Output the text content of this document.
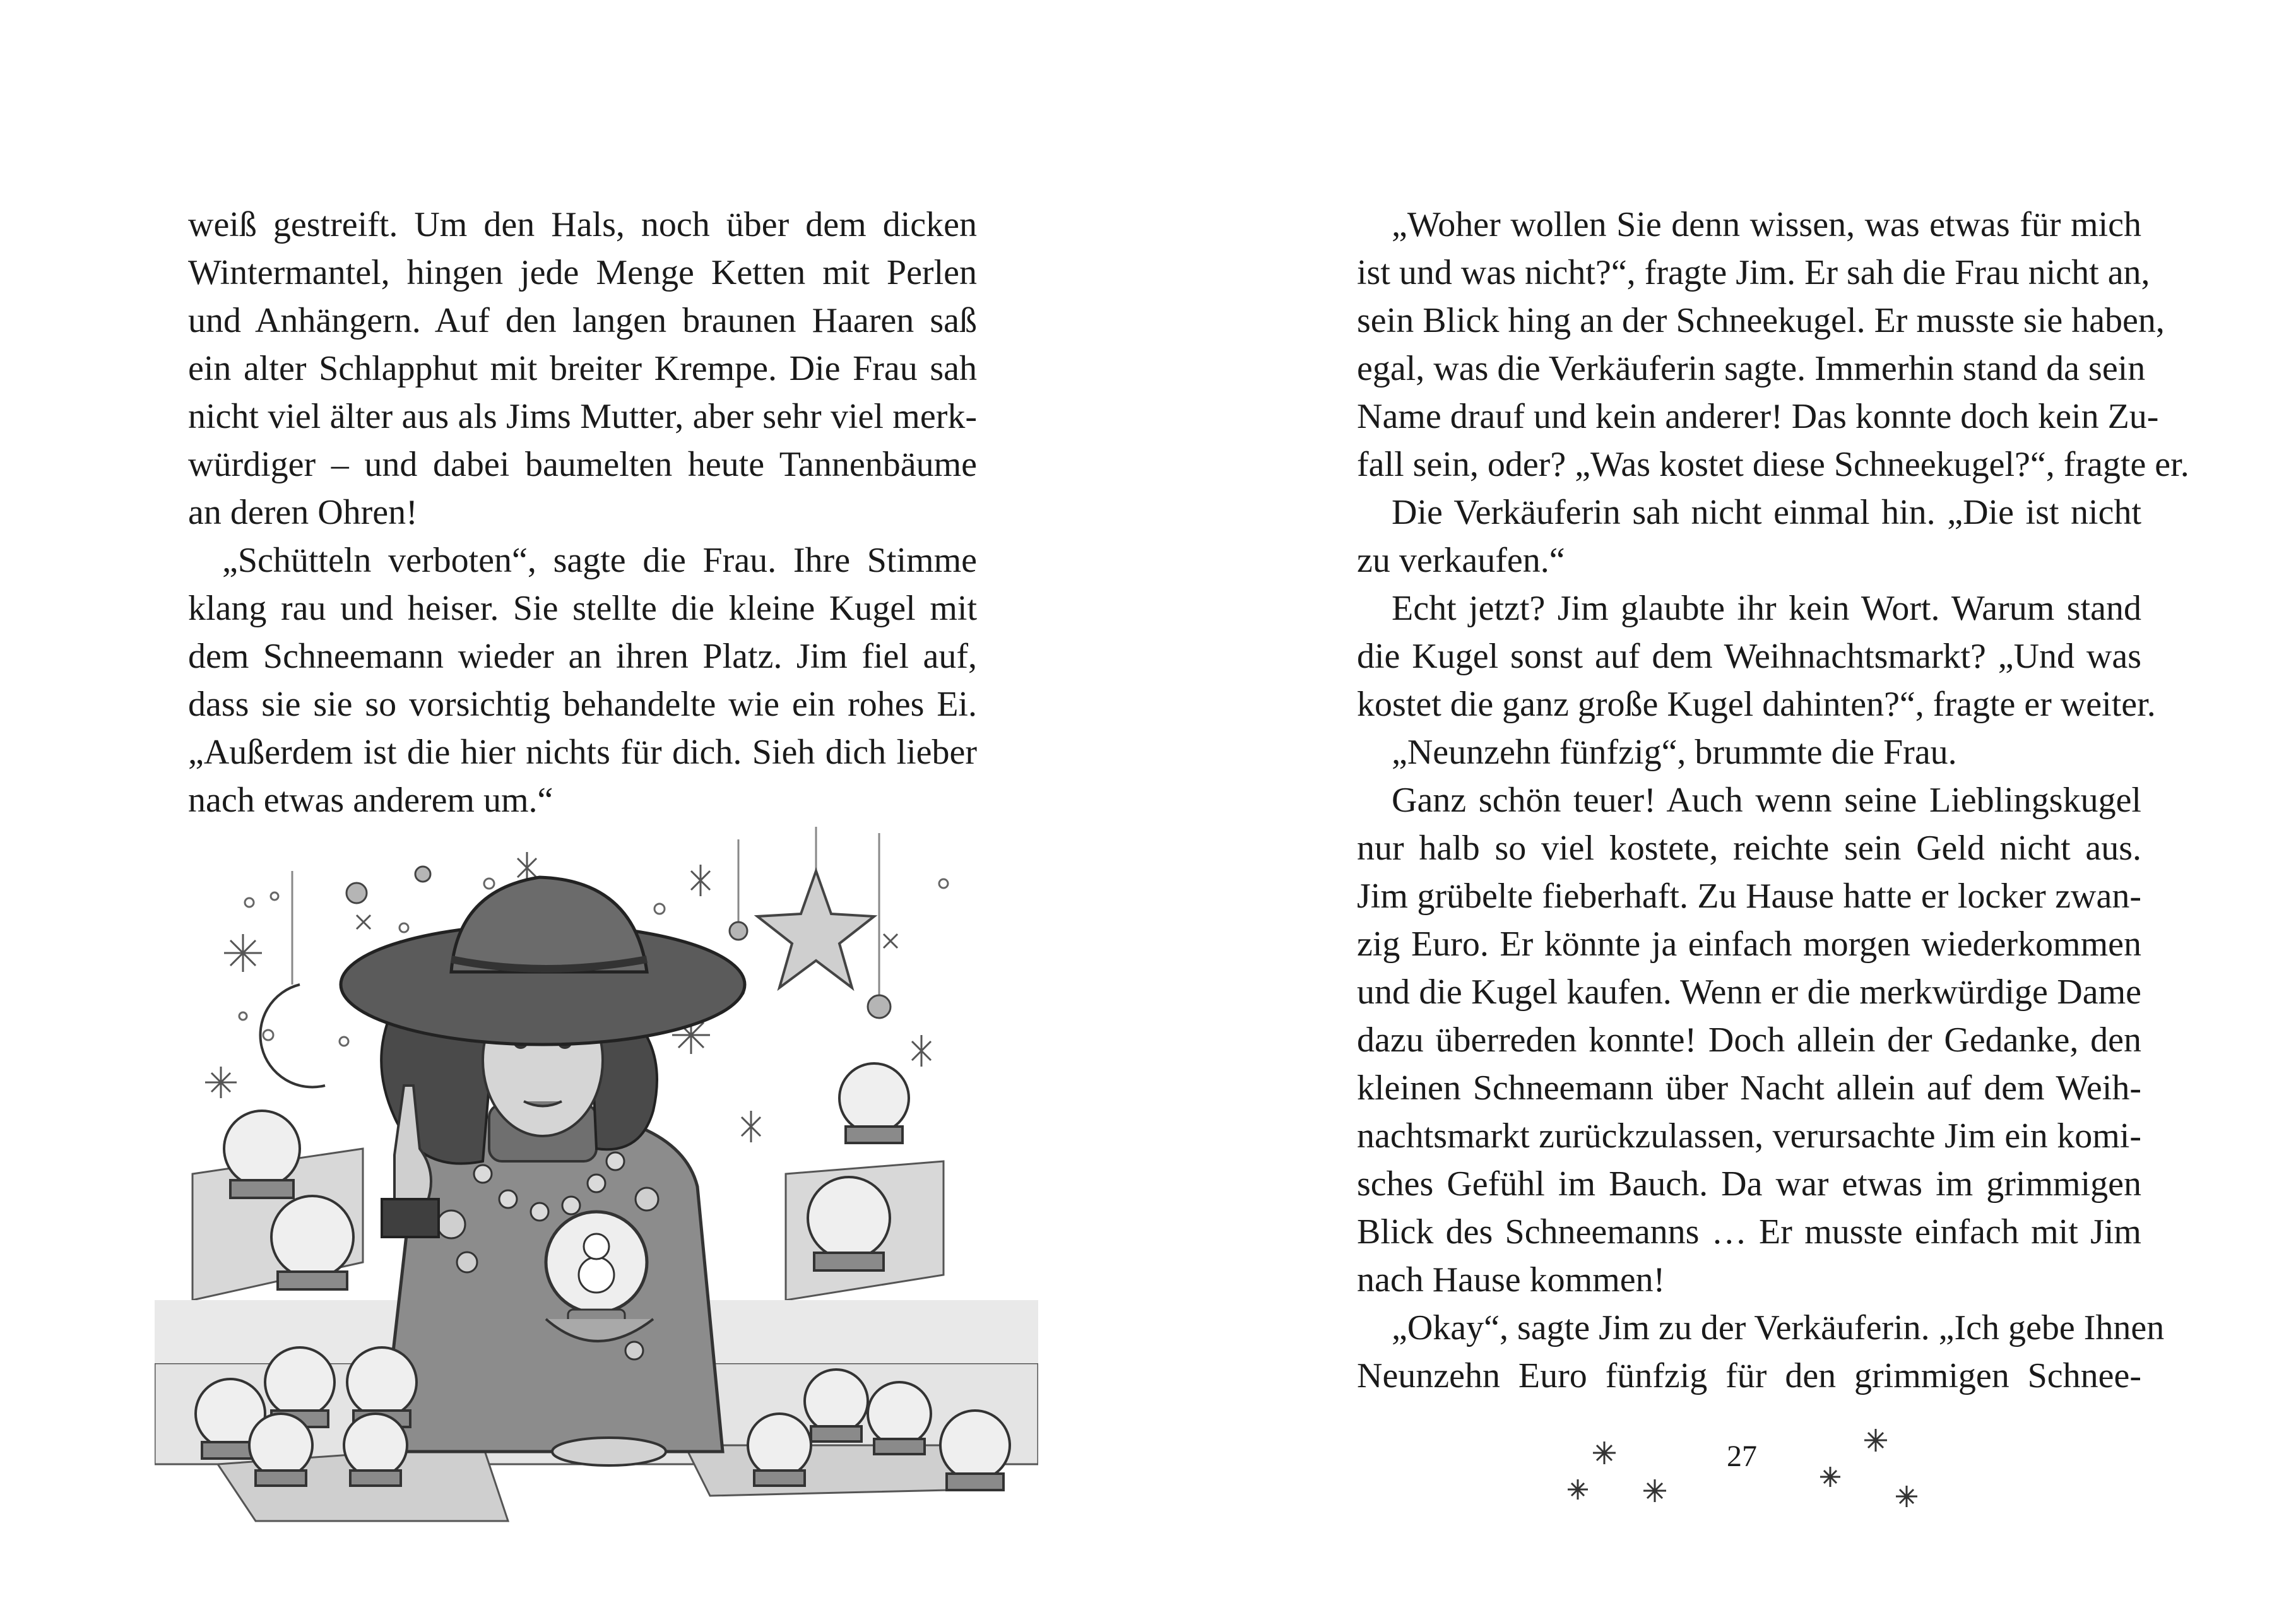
weiß gestreift. Um den Hals, noch über dem dicken
Wintermantel, hingen jede Menge Ketten mit Perlen
und Anhängern. Auf den langen braunen Haaren saß
ein alter Schlapphut mit breiter Krempe. Die Frau sah
nicht viel älter aus als Jims Mutter, aber sehr viel merk-
würdiger – und dabei baumelten heute Tannenbäume
an deren Ohren!
„Schütteln verboten“, sagte die Frau. Ihre Stimme
klang rau und heiser. Sie stellte die kleine Kugel mit
dem Schneemann wieder an ihren Platz. Jim fiel auf,
dass sie sie so vorsichtig behandelte wie ein rohes Ei.
„Außerdem ist die hier nichts für dich. Sieh dich lieber
nach etwas anderem um.“
„Woher wollen Sie denn wissen, was etwas für mich
ist und was nicht?“, fragte Jim. Er sah die Frau nicht an,
sein Blick hing an der Schneekugel. Er musste sie haben,
egal, was die Verkäuferin sagte. Immerhin stand da sein
Name drauf und kein anderer! Das konnte doch kein Zu-
fall sein, oder? „Was kostet diese Schneekugel?“, fragte er.
Die Verkäuferin sah nicht einmal hin. „Die ist nicht
zu verkaufen.“
Echt jetzt? Jim glaubte ihr kein Wort. Warum stand
die Kugel sonst auf dem Weihnachtsmarkt? „Und was
kostet die ganz große Kugel dahinten?“, fragte er weiter.
„Neunzehn fünfzig“, brummte die Frau.
Ganz schön teuer! Auch wenn seine Lieblingskugel
nur halb so viel kostete, reichte sein Geld nicht aus.
Jim grübelte fieberhaft. Zu Hause hatte er locker zwan-
zig Euro. Er könnte ja einfach morgen wiederkommen
und die Kugel kaufen. Wenn er die merkwürdige Dame
dazu überreden konnte! Doch allein der Gedanke, den
kleinen Schneemann über Nacht allein auf dem Weih-
nachtsmarkt zurückzulassen, verursachte Jim ein komi-
sches Gefühl im Bauch. Da war etwas im grimmigen
Blick des Schneemanns … Er musste einfach mit Jim
nach Hause kommen!
„Okay“, sagte Jim zu der Verkäuferin. „Ich gebe Ihnen
Neunzehn Euro fünfzig für den grimmigen Schnee-
27
